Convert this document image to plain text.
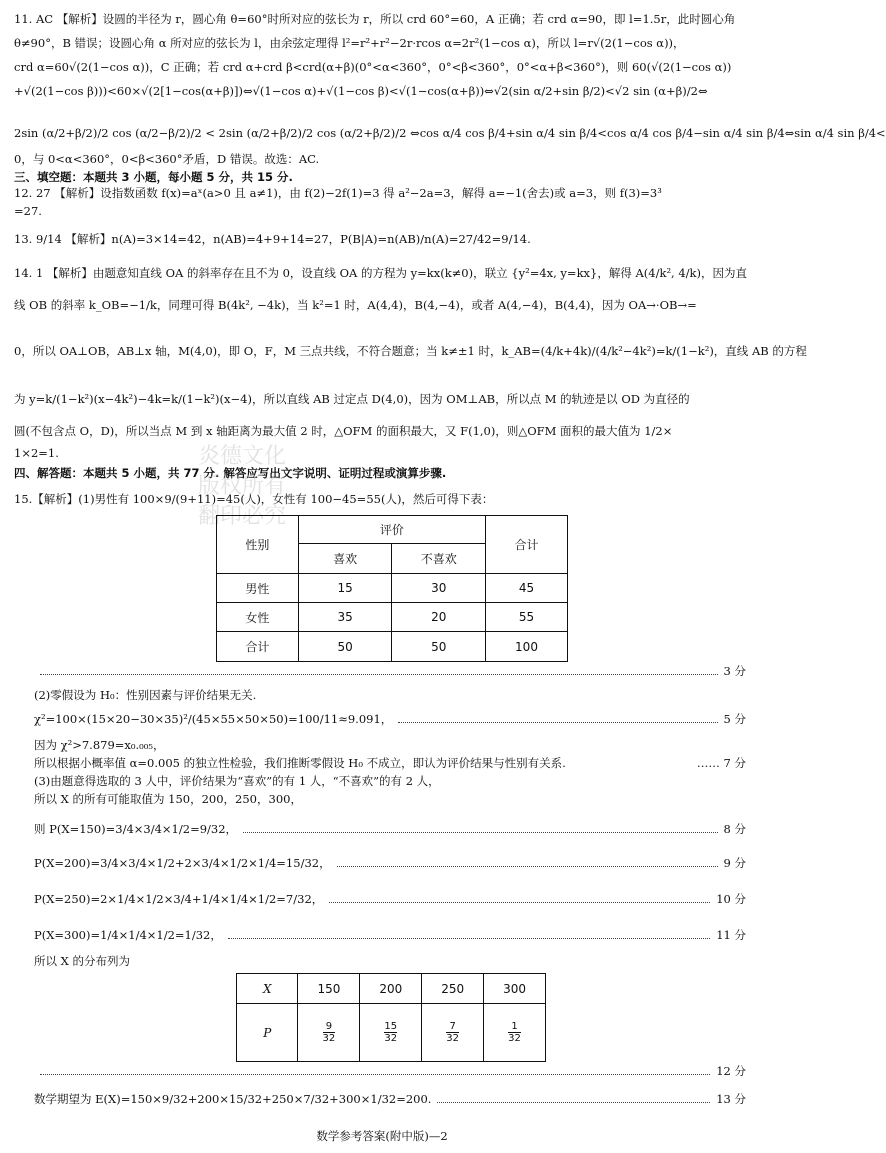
11. AC 【解析】设圆的半径为 r，圆心角 θ=60°时所对应的弦长为 r，所以 crd 60°=60，A 正确；若 crd α=90，即 l=1.5r，此时圆心角
θ≠90°，B 错误；设圆心角 α 所对应的弦长为 l，由余弦定理得 l²=r²+r²−2r·rcos α=2r²(1−cos α)，所以 l=r√(2(1−cos α))，
crd α=60√(2(1−cos α))，C 正确；若 crd α+crd β<crd(α+β)(0°<α<360°，0°<β<360°，0°<α+β<360°)，则 60(√(2(1−cos α))
+√(2(1−cos β)))<60×√(2[1−cos(α+β)])⇔√(1−cos α)+√(1−cos β)<√(1−cos(α+β))⇔√2(sin α/2+sin β/2)<√2 sin (α+β)/2⇔
2sin (α/2+β/2)/2 cos (α/2−β/2)/2 < 2sin (α/2+β/2)/2 cos (α/2+β/2)/2 ⇔cos α/4 cos β/4+sin α/4 sin β/4<cos α/4 cos β/4−sin α/4 sin β/4⇔sin α/4 sin β/4<
0，与 0<α<360°，0<β<360°矛盾，D 错误。故选：AC.
三、填空题：本题共 3 小题，每小题 5 分，共 15 分.
12. 27 【解析】设指数函数 f(x)=aˣ(a>0 且 a≠1)，由 f(2)−2f(1)=3 得 a²−2a=3，解得 a=−1(舍去)或 a=3，则 f(3)=3³
=27.
13. 9/14 【解析】n(A)=3×14=42，n(AB)=4+9+14=27，P(B|A)=n(AB)/n(A)=27/42=9/14.
14. 1 【解析】由题意知直线 OA 的斜率存在且不为 0，设直线 OA 的方程为 y=kx(k≠0)，联立 {y²=4x, y=kx}，解得 A(4/k², 4/k)，因为直
线 OB 的斜率 k_OB=−1/k，同理可得 B(4k², −4k)，当 k²=1 时，A(4,4)，B(4,−4)，或者 A(4,−4)，B(4,4)，因为 OA→·OB→=
0，所以 OA⊥OB，AB⊥x 轴，M(4,0)，即 O，F，M 三点共线，不符合题意；当 k≠±1 时，k_AB=(4/k+4k)/(4/k²−4k²)=k/(1−k²)，直线 AB 的方程
为 y=k/(1−k²)(x−4k²)−4k=k/(1−k²)(x−4)，所以直线 AB 过定点 D(4,0)，因为 OM⊥AB，所以点 M 的轨迹是以 OD 为直径的
圆(不包含点 O，D)，所以当点 M 到 x 轴距离为最大值 2 时，△OFM 的面积最大，又 F(1,0)，则△OFM 面积的最大值为 1/2×
1×2=1.
四、解答题：本题共 5 小题，共 77 分. 解答应写出文字说明、证明过程或演算步骤.
15.【解析】(1)男性有 100×9/(9+11)=45(人)，女性有 100−45=55(人)，然后可得下表：
炎德文化
版权所有
翻印必究
性别	评价		合计
	喜欢	不喜欢	
男性	15	30	45
女性	35	20	55
合计	50	50	100
3 分
(2)零假设为 H₀：性别因素与评价结果无关.
χ²=100×(15×20−30×35)²/(45×55×50×50)=100/11≈9.091，	5 分
因为 χ²>7.879=x₀.₀₀₅，
所以根据小概率值 α=0.005 的独立性检验，我们推断零假设 H₀ 不成立，即认为评价结果与性别有关系.	…… 7 分
(3)由题意得选取的 3 人中，评价结果为“喜欢”的有 1 人，“不喜欢”的有 2 人，
所以 X 的所有可能取值为 150，200，250，300，
则 P(X=150)=3/4×3/4×1/2=9/32，	8 分
P(X=200)=3/4×3/4×1/2+2×3/4×1/2×1/4=15/32，	9 分
P(X=250)=2×1/4×1/2×3/4+1/4×1/4×1/2=7/32，	10 分
P(X=300)=1/4×1/4×1/2=1/32，	11 分
所以 X 的分布列为
X	150	200	250	300
P	$\frac{9}{32}$	$\frac{15}{32}$	$\frac{7}{32}$	$\frac{1}{32}$
12 分
数学期望为 E(X)=150×9/32+200×15/32+250×7/32+300×1/32=200.	13 分
数学参考答案(附中版)—2
